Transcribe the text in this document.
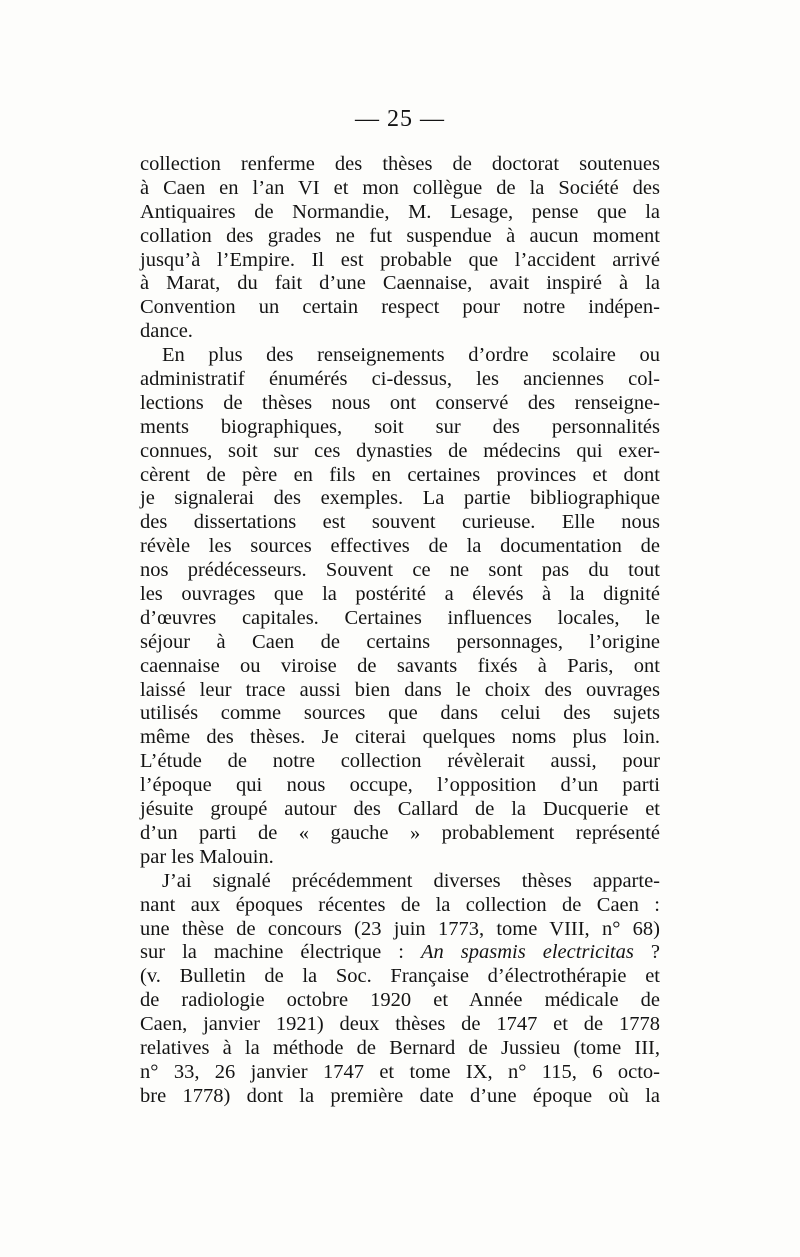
— 25 —
collection renferme des thèses de doctorat soutenues
à Caen en l’an VI et mon collègue de la Société des
Antiquaires de Normandie, M. Lesage, pense que la
collation des grades ne fut suspendue à aucun moment
jusqu’à l’Empire. Il est probable que l’accident arrivé
à Marat, du fait d’une Caennaise, avait inspiré à la
Convention un certain respect pour notre indépen-
dance.
En plus des renseignements d’ordre scolaire ou
administratif énumérés ci-dessus, les anciennes col-
lections de thèses nous ont conservé des renseigne-
ments biographiques, soit sur des personnalités
connues, soit sur ces dynasties de médecins qui exer-
cèrent de père en fils en certaines provinces et dont
je signalerai des exemples. La partie bibliographique
des dissertations est souvent curieuse. Elle nous
révèle les sources effectives de la documentation de
nos prédécesseurs. Souvent ce ne sont pas du tout
les ouvrages que la postérité a élevés à la dignité
d’œuvres capitales. Certaines influences locales, le
séjour à Caen de certains personnages, l’origine
caennaise ou viroise de savants fixés à Paris, ont
laissé leur trace aussi bien dans le choix des ouvrages
utilisés comme sources que dans celui des sujets
même des thèses. Je citerai quelques noms plus loin.
L’étude de notre collection révèlerait aussi, pour
l’époque qui nous occupe, l’opposition d’un parti
jésuite groupé autour des Callard de la Ducquerie et
d’un parti de « gauche » probablement représenté
par les Malouin.
J’ai signalé précédemment diverses thèses apparte-
nant aux époques récentes de la collection de Caen :
une thèse de concours (23 juin 1773, tome VIII, n° 68)
sur la machine électrique : An spasmis electricitas ?
(v. Bulletin de la Soc. Française d’électrothérapie et
de radiologie octobre 1920 et Année médicale de
Caen, janvier 1921) deux thèses de 1747 et de 1778
relatives à la méthode de Bernard de Jussieu (tome III,
n° 33, 26 janvier 1747 et tome IX, n° 115, 6 octo-
bre 1778) dont la première date d’une époque où la
